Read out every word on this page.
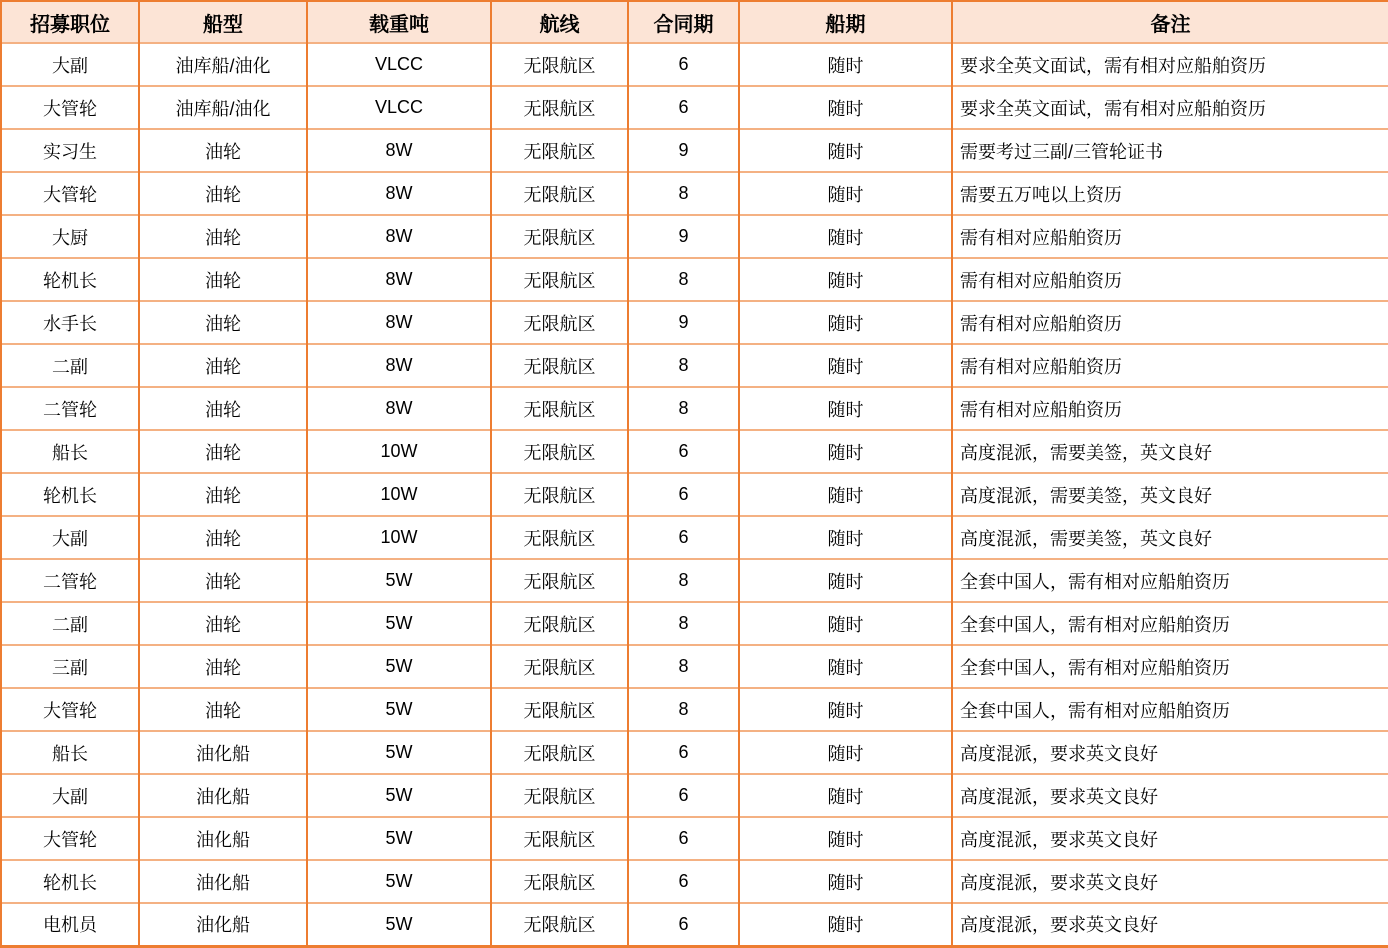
招募职位	船型	载重吨	航线	合同期	船期	备注
大副	油库船/油化	VLCC	无限航区	6	随时	要求全英文面试，需有相对应船舶资历
大管轮	油库船/油化	VLCC	无限航区	6	随时	要求全英文面试，需有相对应船舶资历
实习生	油轮	8W	无限航区	9	随时	需要考过三副/三管轮证书
大管轮	油轮	8W	无限航区	8	随时	需要五万吨以上资历
大厨	油轮	8W	无限航区	9	随时	需有相对应船舶资历
轮机长	油轮	8W	无限航区	8	随时	需有相对应船舶资历
水手长	油轮	8W	无限航区	9	随时	需有相对应船舶资历
二副	油轮	8W	无限航区	8	随时	需有相对应船舶资历
二管轮	油轮	8W	无限航区	8	随时	需有相对应船舶资历
船长	油轮	10W	无限航区	6	随时	高度混派，需要美签，英文良好
轮机长	油轮	10W	无限航区	6	随时	高度混派，需要美签，英文良好
大副	油轮	10W	无限航区	6	随时	高度混派，需要美签，英文良好
二管轮	油轮	5W	无限航区	8	随时	全套中国人，需有相对应船舶资历
二副	油轮	5W	无限航区	8	随时	全套中国人，需有相对应船舶资历
三副	油轮	5W	无限航区	8	随时	全套中国人，需有相对应船舶资历
大管轮	油轮	5W	无限航区	8	随时	全套中国人，需有相对应船舶资历
船长	油化船	5W	无限航区	6	随时	高度混派，要求英文良好
大副	油化船	5W	无限航区	6	随时	高度混派，要求英文良好
大管轮	油化船	5W	无限航区	6	随时	高度混派，要求英文良好
轮机长	油化船	5W	无限航区	6	随时	高度混派，要求英文良好
电机员	油化船	5W	无限航区	6	随时	高度混派，要求英文良好
